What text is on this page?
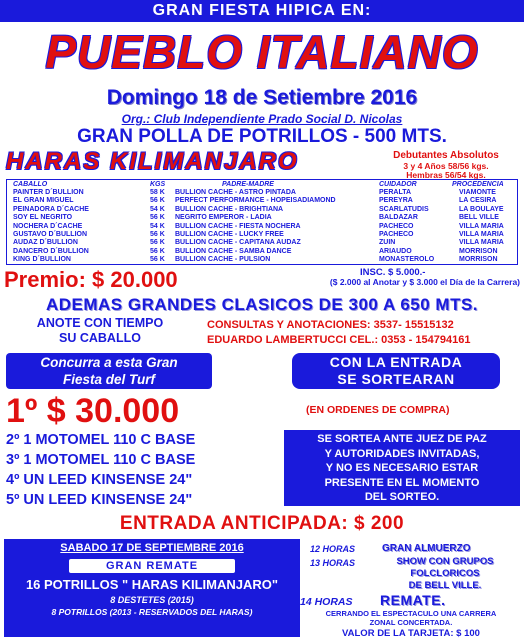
GRAN FIESTA HIPICA EN:
PUEBLO ITALIANO
Domingo 18 de Setiembre 2016
Org.: Club Independiente Prado Social D. Nicolas
GRAN POLLA DE POTRILLOS - 500 MTS.
HARAS KILIMANJARO	Debutantes Absolutos
3 y 4 Años 58/56 kgs.
Hembras 56/54 kgs.
CABALLO	KGS	PADRE-MADRE	CUIDADOR	PROCEDENCIA
PAINTER D´BULLION	58 K BULLION CACHE - ASTRO PINTADA	PERALTA	VIAMONTE
EL GRAN MIGUEL	56 K PERFECT PERFORMANCE - HOPEISADIAMOND	PEREYRA	LA CESIRA
PEINADORA D´CACHE	54 K BULLION CACHE - BRIGHTIANA	SCARLATUDIS	LA BOULAYE
SOY EL NEGRITO	56 K NEGRITO EMPEROR - LADIA	BALDAZAR	BELL VILLE
NOCHERA D´CACHE	54 K BULLION CACHE - FIESTA NOCHERA	PACHECO	VILLA MARIA
GUSTAVO D´BULLION	56 K BULLION CACHE - LUCKY FREE	PACHECO	VILLA MARIA
AUDAZ D´BULLION	56 K BULLION CACHE - CAPITANA AUDAZ	ZUIN	VILLA MARIA
DANCERO D´BULLION	56 K BULLION CACHE - SAMBA DANCE	ARIAUDO	MORRISON
KING D´BULLION	56 K BULLION CACHE - PULSION	MONASTEROLO	MORRISON
Premio: $ 20.000	INSC. $ 5.000.-
($ 2.000 al Anotar y $ 3.000 el Día de la Carrera)
ADEMAS GRANDES CLASICOS DE 300 A 650 MTS.
ANOTE CON TIEMPO
SU CABALLO
CONSULTAS Y ANOTACIONES: 3537- 15515132
EDUARDO LAMBERTUCCI CEL.: 0353 - 154794161
Concurra a esta Gran
Fiesta del Turf
CON LA ENTRADA
SE SORTEARAN
1º $ 30.000	(EN ORDENES DE COMPRA)
2º 1 MOTOMEL 110 C BASE
3º 1 MOTOMEL 110 C BASE
4º UN LEED KINSENSE 24"
5º UN LEED KINSENSE 24"
SE SORTEA ANTE JUEZ DE PAZ
Y AUTORIDADES INVITADAS,
Y NO ES NECESARIO ESTAR
PRESENTE EN EL MOMENTO
DEL SORTEO.
ENTRADA ANTICIPADA: $ 200
SABADO 17 DE SEPTIEMBRE 2016
GRAN REMATE
16 POTRILLOS " HARAS KILIMANJARO"
8 DESTETES (2015)
8 POTRILLOS (2013 - RESERVADOS DEL HARAS)
12 HORAS	GRAN ALMUERZO
13 HORAS	SHOW CON GRUPOS
FOLCLORICOS
DE BELL VILLE.
14 HORAS	REMATE.
CERRANDO EL ESPECTACULO UNA CARRERA
ZONAL CONCERTADA.
VALOR DE LA TARJETA: $ 100
